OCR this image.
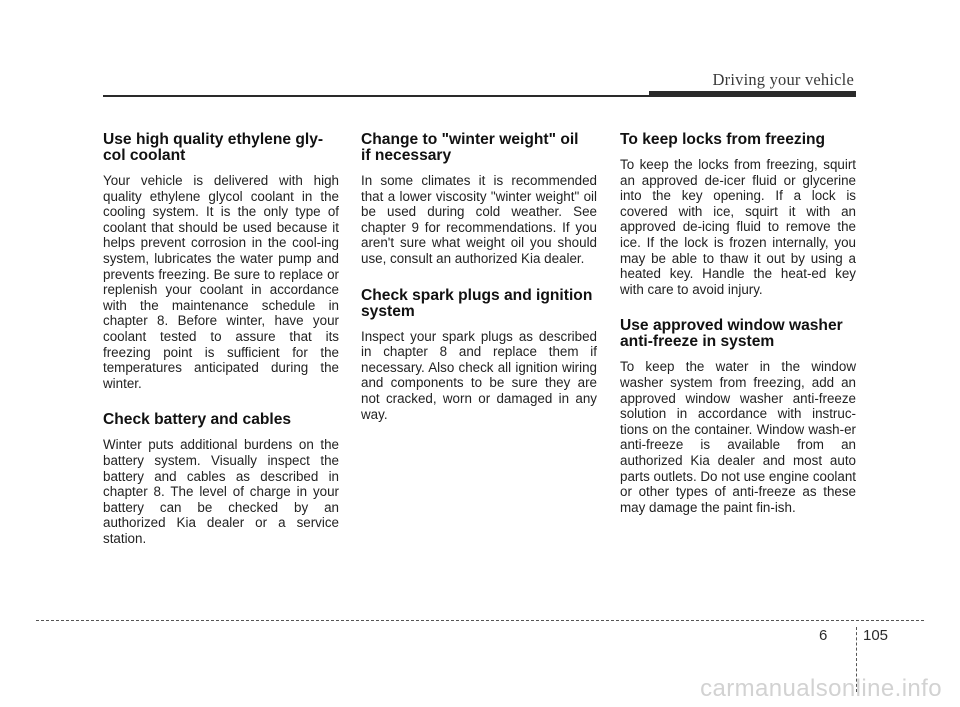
Driving your vehicle
Use high quality ethylene gly-
col coolant

Your vehicle is delivered with high quality ethylene glycol coolant in the cooling system. It is the only type of coolant that should be used because it helps prevent corrosion in the cool-ing system, lubricates the water pump and prevents freezing. Be sure to replace or replenish your coolant in accordance with the maintenance schedule in chapter 8. Before winter, have your coolant tested to assure that its freezing point is sufficient for the temperatures anticipated during the winter.

Check battery and cables

Winter puts additional burdens on the battery system. Visually inspect the battery and cables as described in chapter 8. The level of charge in your battery can be checked by an authorized Kia dealer or a service station.

Change to "winter weight" oil
if necessary

In some climates it is recommended that a lower viscosity "winter weight" oil be used during cold weather. See chapter 9 for recommendations. If you aren't sure what weight oil you should use, consult an authorized Kia dealer.

Check spark plugs and ignition
system

Inspect your spark plugs as described in chapter 8 and replace them if necessary. Also check all ignition wiring and components to be sure they are not cracked, worn or damaged in any way.

To keep locks from freezing

To keep the locks from freezing, squirt an approved de-icer fluid or glycerine into the key opening. If a lock is covered with ice, squirt it with an approved de-icing fluid to remove the ice. If the lock is frozen internally, you may be able to thaw it out by using a heated key. Handle the heat-ed key with care to avoid injury.

Use approved window washer
anti-freeze in system

To keep the water in the window washer system from freezing, add an approved window washer anti-freeze solution in accordance with instruc-tions on the container. Window wash-er anti-freeze is available from an authorized Kia dealer and most auto parts outlets. Do not use engine coolant or other types of anti-freeze as these may damage the paint fin-ish.

6 105
carmanualsonline.info
